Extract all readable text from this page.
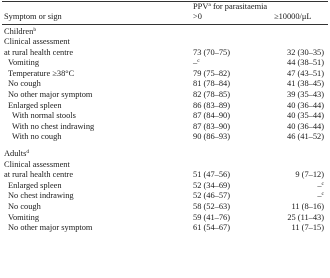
PPV$^a$ for parasitaemia
Symptom or sign	>0	≥10000/μL
Children$^b$
Clinical assessment
at rural health centre	73 (70–75)	32 (30–35)
Vomiting	–$^c$	44 (38–51)
Temperature ≥38°C	79 (75–82)	47 (43–51)
No cough	81 (78–84)	41 (38–45)
No other major symptom	82 (78–85)	39 (35–43)
Enlarged spleen	86 (83–89)	40 (36–44)
With normal stools	87 (84–90)	40 (35–44)
With no chest indrawing	87 (83–90)	40 (36–44)
With no cough	90 (86–93)	46 (41–52)
Adults$^d$
Clinical assessment
at rural health centre	51 (47–56)	9 (7–12)
Enlarged spleen	52 (34–69)	–$^c$
No chest indrawing	52 (46–57)	–$^c$
No cough	58 (52–63)	11 (8–16)
Vomiting	59 (41–76)	25 (11–43)
No other major symptom	61 (54–67)	11 (7–15)
